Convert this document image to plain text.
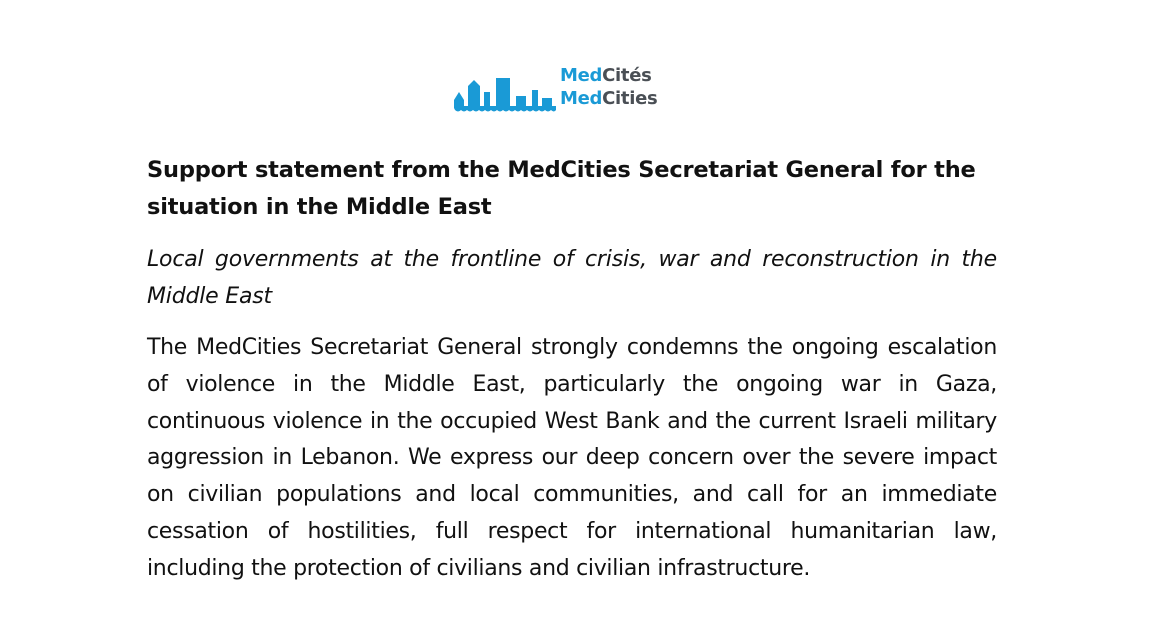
MedCités
MedCities
Support statement from the MedCities Secretariat General for the situation in the Middle East

Local governments at the frontline of crisis, war and reconstruction in the Middle East

The MedCities Secretariat General strongly condemns the ongoing escalation of violence in the Middle East, particularly the ongoing war in Gaza, continuous violence in the occupied West Bank and the current Israeli military aggression in Lebanon. We express our deep concern over the severe impact on civilian populations and local communities, and call for an immediate cessation of hostilities, full respect for international humanitarian law, including the protection of civilians and civilian infrastructure.
